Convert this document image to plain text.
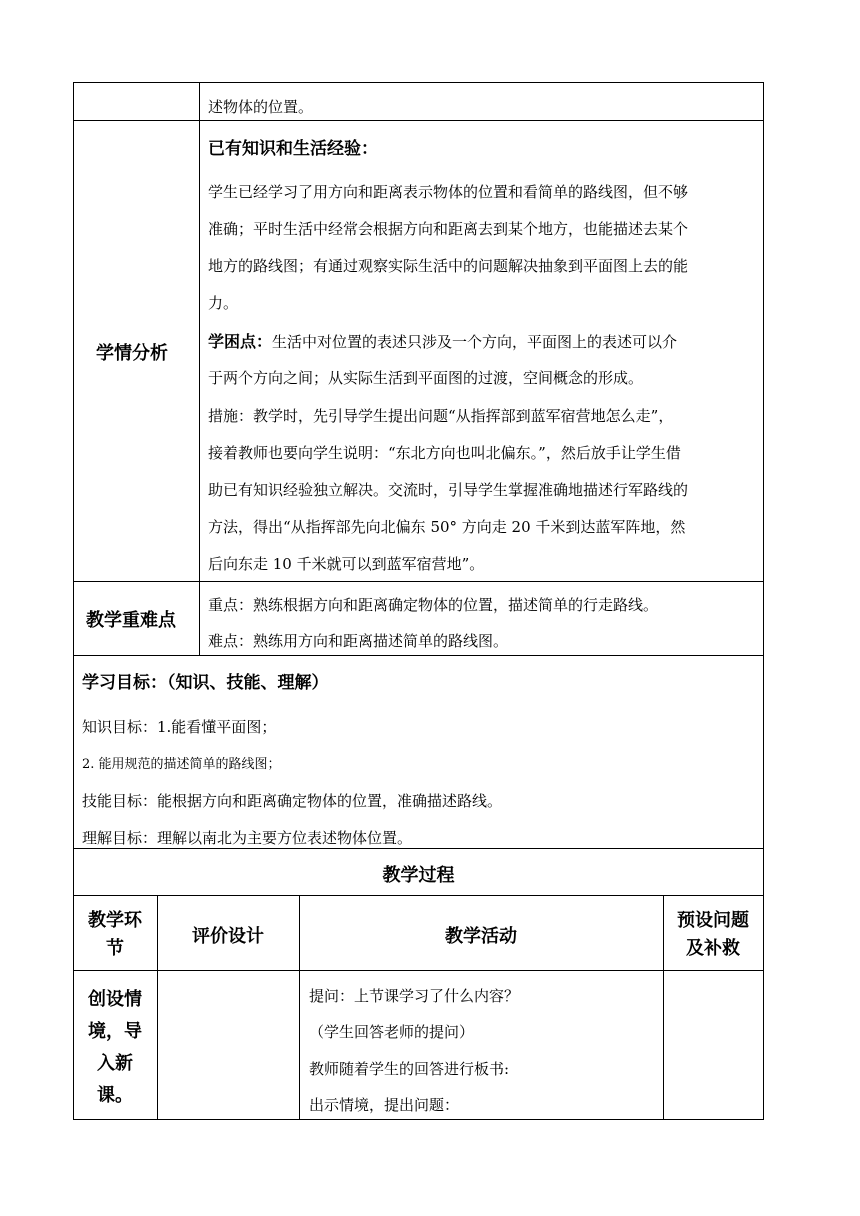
述物体的位置。
学情分析
已有知识和生活经验：
学生已经学习了用方向和距离表示物体的位置和看简单的路线图，但不够
准确；平时生活中经常会根据方向和距离去到某个地方，也能描述去某个
地方的路线图；有通过观察实际生活中的问题解决抽象到平面图上去的能
力。
学困点：生活中对位置的表述只涉及一个方向，平面图上的表述可以介
于两个方向之间；从实际生活到平面图的过渡，空间概念的形成。
措施：教学时，先引导学生提出问题“从指挥部到蓝军宿营地怎么走”，
接着教师也要向学生说明：“东北方向也叫北偏东。”，然后放手让学生借
助已有知识经验独立解决。交流时，引导学生掌握准确地描述行军路线的
方法，得出“从指挥部先向北偏东 50° 方向走 20 千米到达蓝军阵地，然
后向东走 10 千米就可以到蓝军宿营地”。
教学重难点
重点：熟练根据方向和距离确定物体的位置，描述简单的行走路线。
难点：熟练用方向和距离描述简单的路线图。
学习目标：（知识、技能、理解）
知识目标：1.能看懂平面图；
2. 能用规范的描述简单的路线图；
技能目标：能根据方向和距离确定物体的位置，准确描述路线。
理解目标：理解以南北为主要方位表述物体位置。
教学过程
教学环
节
评价设计	教学活动
预设问题
及补救
创设情
境，导
入新
课。
提问：上节课学习了什么内容？
（学生回答老师的提问）
教师随着学生的回答进行板书:
出示情境，提出问题：
